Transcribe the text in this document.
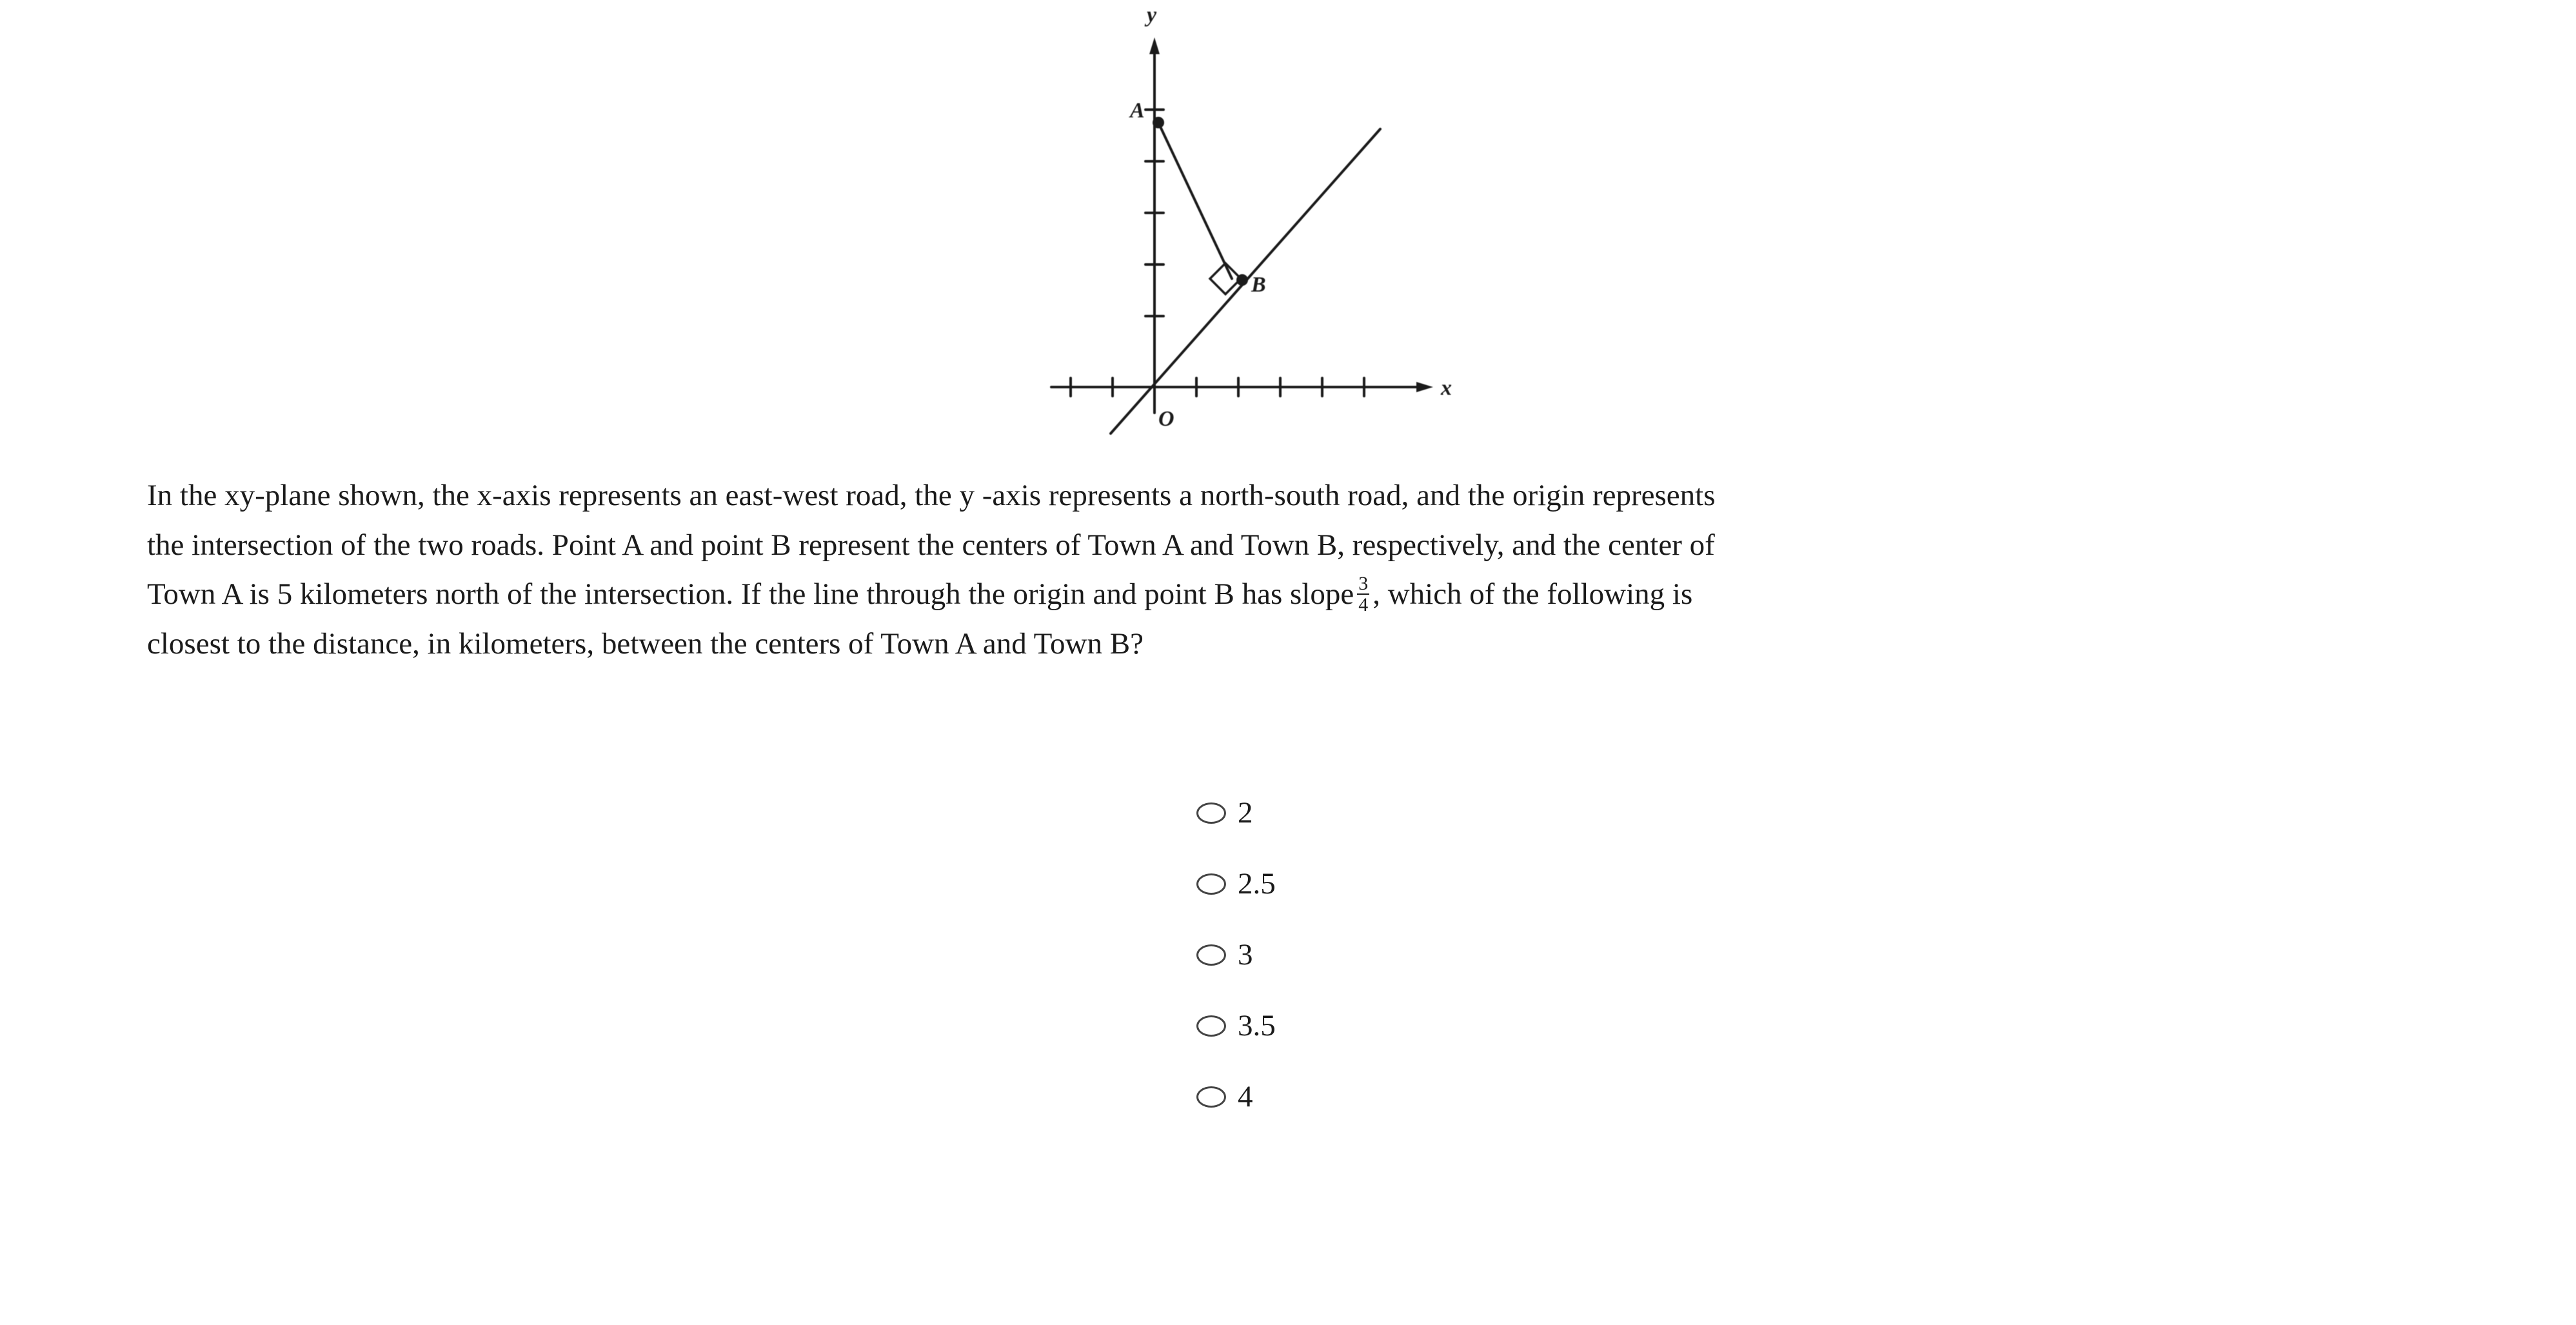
A
B
O
x
y
In the xy-plane shown, the x-axis represents an east-west road, the y -axis represents a north-south road, and the origin represents
the intersection of the two roads. Point A and point B represent the centers of Town A and Town B, respectively, and the center of
Town A is 5 kilometers north of the intersection. If the line through the origin and point B has slope $\frac{3}{4}$ , which of the following is
closest to the distance, in kilometers, between the centers of Town A and Town B?
2
2.5
3
3.5
4
